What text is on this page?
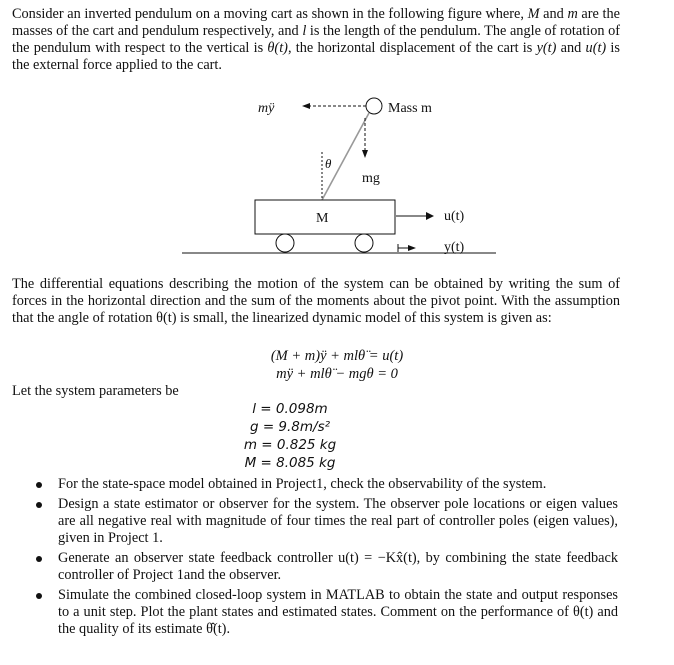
Consider an inverted pendulum on a moving cart as shown in the following figure where, M and m are the masses of the cart and pendulum respectively, and l is the length of the pendulum. The angle of rotation of the pendulum with respect to the vertical is θ(t), the horizontal displacement of the cart is y(t) and u(t) is the external force applied to the cart.
mÿ	Mass m
θ
mg
M	u(t)
y(t)
The differential equations describing the motion of the system can be obtained by writing the sum of forces in the horizontal direction and the sum of the moments about the pivot point. With the assumption that the angle of rotation θ(t) is small, the linearized dynamic model of this system is given as:
(M + m)ÿ + mlθ̈ = u(t)
mÿ + mlθ̈ − mgθ = 0
Let the system parameters be
l = 0.098m
g = 9.8m/s²
m = 0.825 kg
M = 8.085 kg
For the state-space model obtained in Project1, check the observability of the system.
Design a state estimator or observer for the system. The observer pole locations or eigen values are all negative real with magnitude of four times the real part of controller poles (eigen values), given in Project 1.
Generate an observer state feedback controller u(t) = −Kx̂(t), by combining the state feedback controller of Project 1and the observer.
Simulate the combined closed-loop system in MATLAB to obtain the state and output responses to a unit step. Plot the plant states and estimated states. Comment on the performance of θ(t) and the quality of its estimate θ̂(t).
